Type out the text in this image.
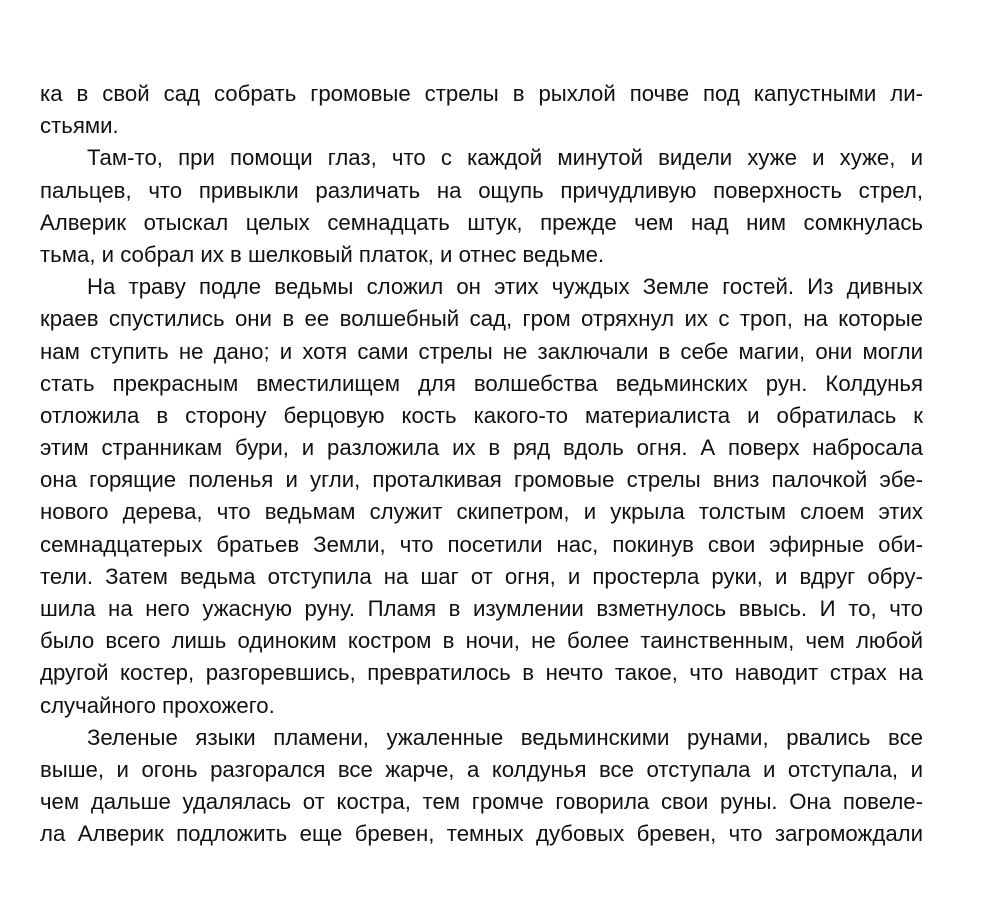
ка в свой сад собрать громовые стрелы в рыхлой почве под капустными ли-
стьями.
Там-то, при помощи глаз, что с каждой минутой видели хуже и хуже, и
пальцев, что привыкли различать на ощупь причудливую поверхность стрел,
Алверик отыскал целых семнадцать штук, прежде чем над ним сомкнулась
тьма, и собрал их в шелковый платок, и отнес ведьме.
На траву подле ведьмы сложил он этих чуждых Земле гостей. Из дивных
краев спустились они в ее волшебный сад, гром отряхнул их с троп, на которые
нам ступить не дано; и хотя сами стрелы не заключали в себе магии, они могли
стать прекрасным вместилищем для волшебства ведьминских рун. Колдунья
отложила в сторону берцовую кость какого-то материалиста и обратилась к
этим странникам бури, и разложила их в ряд вдоль огня. А поверх набросала
она горящие поленья и угли, проталкивая громовые стрелы вниз палочкой эбе-
нового дерева, что ведьмам служит скипетром, и укрыла толстым слоем этих
семнадцатерых братьев Земли, что посетили нас, покинув свои эфирные оби-
тели. Затем ведьма отступила на шаг от огня, и простерла руки, и вдруг обру-
шила на него ужасную руну. Пламя в изумлении взметнулось ввысь. И то, что
было всего лишь одиноким костром в ночи, не более таинственным, чем любой
другой костер, разгоревшись, превратилось в нечто такое, что наводит страх на
случайного прохожего.
Зеленые языки пламени, ужаленные ведьминскими рунами, рвались все
выше, и огонь разгорался все жарче, а колдунья все отступала и отступала, и
чем дальше удалялась от костра, тем громче говорила свои руны. Она повеле-
ла Алверик подложить еще бревен, темных дубовых бревен, что загромождали
